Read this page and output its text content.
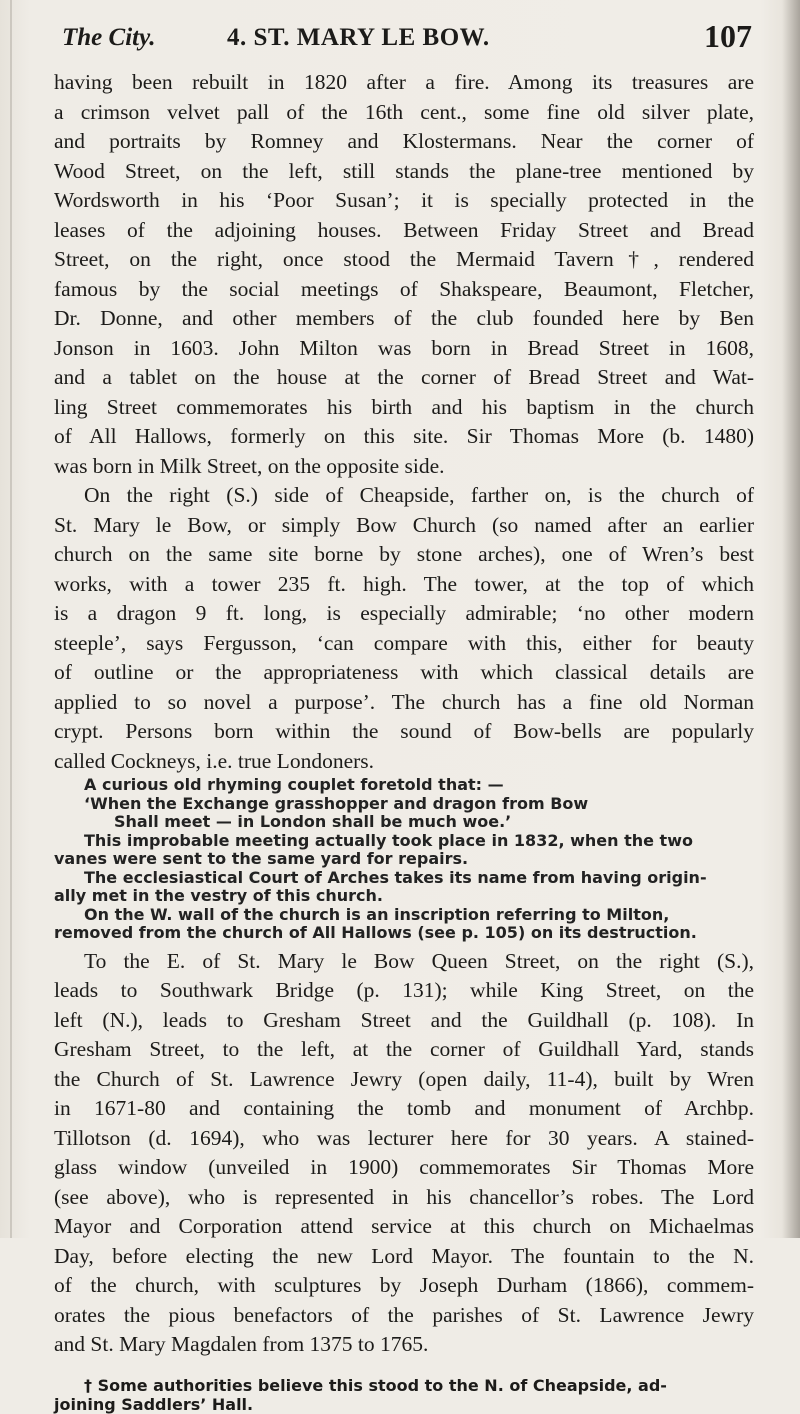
The City.	4. ST. MARY LE BOW.	107
having been rebuilt in 1820 after a fire. Among its treasures are
a crimson velvet pall of the 16th cent., some fine old silver plate,
and portraits by Romney and Klostermans. Near the corner of
Wood Street, on the left, still stands the plane-tree mentioned by
Wordsworth in his ‘Poor Susan’; it is specially protected in the
leases of the adjoining houses. Between Friday Street and Bread
Street, on the right, once stood the Mermaid Tavern†, rendered
famous by the social meetings of Shakspeare, Beaumont, Fletcher,
Dr. Donne, and other members of the club founded here by Ben
Jonson in 1603. John Milton was born in Bread Street in 1608,
and a tablet on the house at the corner of Bread Street and Wat-
ling Street commemorates his birth and his baptism in the church
of All Hallows, formerly on this site. Sir Thomas More (b. 1480)
was born in Milk Street, on the opposite side.
On the right (S.) side of Cheapside, farther on, is the church of
St. Mary le Bow, or simply Bow Church (so named after an earlier
church on the same site borne by stone arches), one of Wren’s best
works, with a tower 235 ft. high. The tower, at the top of which
is a dragon 9 ft. long, is especially admirable; ‘no other modern
steeple’, says Fergusson, ‘can compare with this, either for beauty
of outline or the appropriateness with which classical details are
applied to so novel a purpose’. The church has a fine old Norman
crypt. Persons born within the sound of Bow-bells are popularly
called Cockneys, i.e. true Londoners.
A curious old rhyming couplet foretold that: —
‘When the Exchange grasshopper and dragon from Bow
Shall meet — in London shall be much woe.’
This improbable meeting actually took place in 1832, when the two
vanes were sent to the same yard for repairs.
The ecclesiastical Court of Arches takes its name from having origin-
ally met in the vestry of this church.
On the W. wall of the church is an inscription referring to Milton,
removed from the church of All Hallows (see p. 105) on its destruction.
To the E. of St. Mary le Bow Queen Street, on the right (S.),
leads to Southwark Bridge (p. 131); while King Street, on the
left (N.), leads to Gresham Street and the Guildhall (p. 108). In
Gresham Street, to the left, at the corner of Guildhall Yard, stands
the Church of St. Lawrence Jewry (open daily, 11-4), built by Wren
in 1671-80 and containing the tomb and monument of Archbp.
Tillotson (d. 1694), who was lecturer here for 30 years. A stained-
glass window (unveiled in 1900) commemorates Sir Thomas More
(see above), who is represented in his chancellor’s robes. The Lord
Mayor and Corporation attend service at this church on Michaelmas
Day, before electing the new Lord Mayor. The fountain to the N.
of the church, with sculptures by Joseph Durham (1866), commem-
orates the pious benefactors of the parishes of St. Lawrence Jewry
and St. Mary Magdalen from 1375 to 1765.
† Some authorities believe this stood to the N. of Cheapside, ad-
joining Saddlers’ Hall.
